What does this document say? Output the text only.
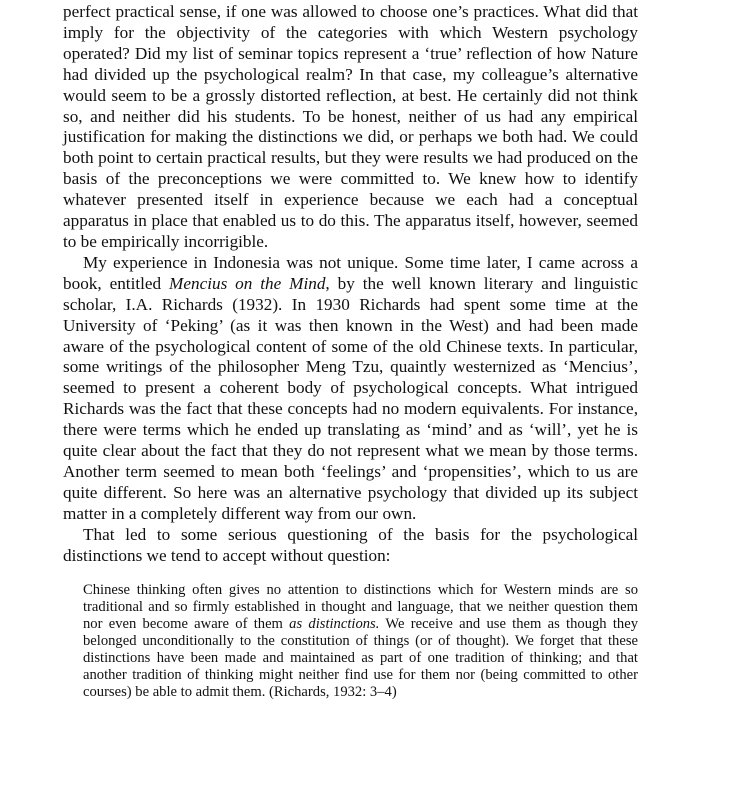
perfect practical sense, if one was allowed to choose one’s practices. What did that imply for the objectivity of the categories with which Western psychology operated? Did my list of seminar topics represent a ‘true’ reflection of how Nature had divided up the psychological realm? In that case, my colleague’s alternative would seem to be a grossly distorted reflection, at best. He certainly did not think so, and neither did his students. To be honest, neither of us had any empirical justification for making the distinctions we did, or perhaps we both had. We could both point to certain practical results, but they were results we had produced on the basis of the preconceptions we were committed to. We knew how to identify whatever presented itself in experience because we each had a conceptual apparatus in place that enabled us to do this. The apparatus itself, however, seemed to be empirically incorrigible.

My experience in Indonesia was not unique. Some time later, I came across a book, entitled Mencius on the Mind, by the well known literary and linguistic scholar, I.A. Richards (1932). In 1930 Richards had spent some time at the University of ‘Peking’ (as it was then known in the West) and had been made aware of the psychological content of some of the old Chinese texts. In particular, some writings of the philosopher Meng Tzu, quaintly westernized as ‘Mencius’, seemed to present a coherent body of psychological concepts. What intrigued Richards was the fact that these concepts had no modern equivalents. For instance, there were terms which he ended up translating as ‘mind’ and as ‘will’, yet he is quite clear about the fact that they do not represent what we mean by those terms. Another term seemed to mean both ‘feelings’ and ‘propensities’, which to us are quite different. So here was an alternative psychology that divided up its subject matter in a completely different way from our own.

That led to some serious questioning of the basis for the psychological distinctions we tend to accept without question:

Chinese thinking often gives no attention to distinctions which for Western minds are so traditional and so firmly established in thought and language, that we neither question them nor even become aware of them as distinctions. We receive and use them as though they belonged unconditionally to the constitution of things (or of thought). We forget that these distinctions have been made and maintained as part of one tradition of thinking; and that another tradition of thinking might neither find use for them nor (being committed to other courses) be able to admit them. (Richards, 1932: 3–4)
